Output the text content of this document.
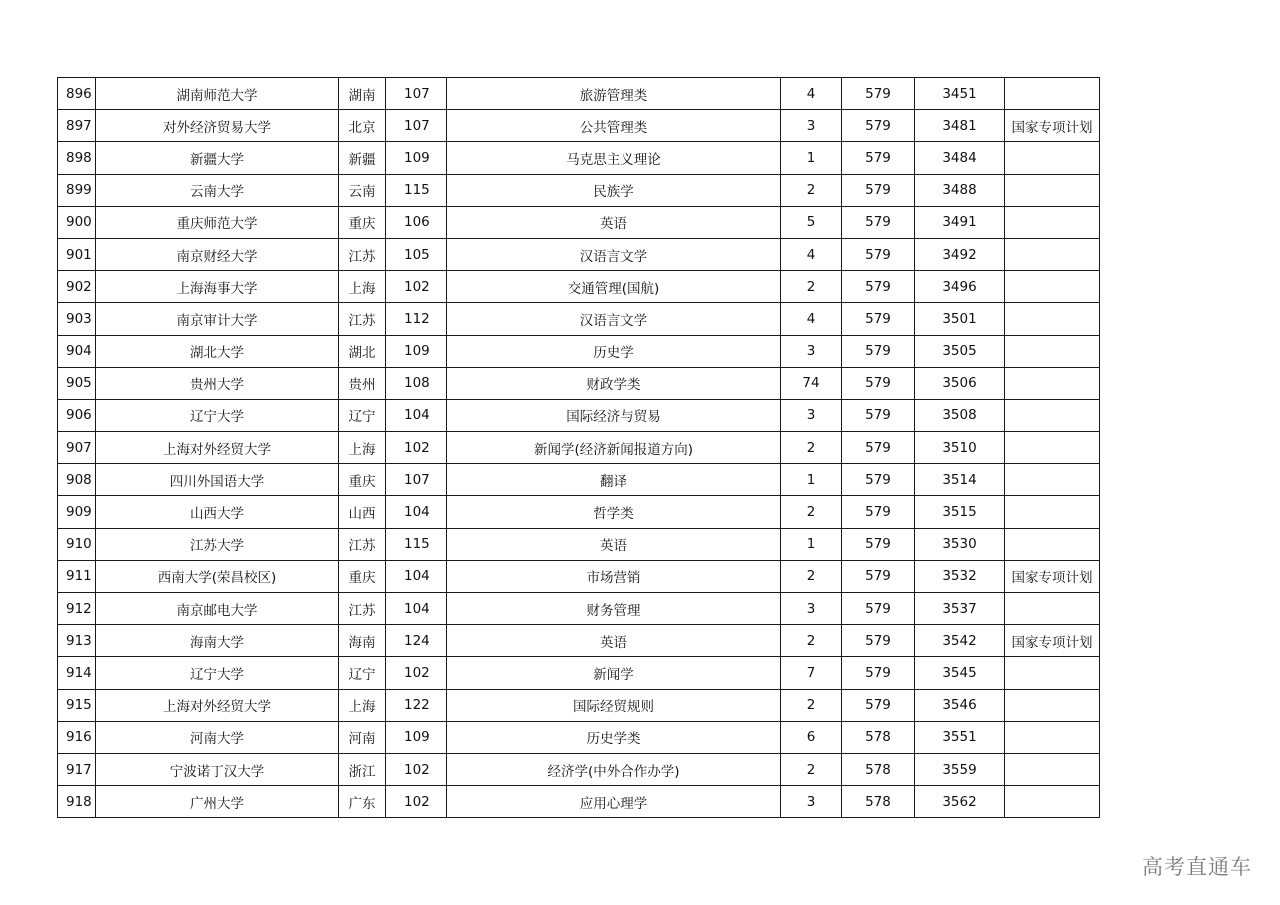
896	湖南师范大学	湖南	107	旅游管理类	4	579	3451	
897	对外经济贸易大学	北京	107	公共管理类	3	579	3481	国家专项计划
898	新疆大学	新疆	109	马克思主义理论	1	579	3484	
899	云南大学	云南	115	民族学	2	579	3488	
900	重庆师范大学	重庆	106	英语	5	579	3491	
901	南京财经大学	江苏	105	汉语言文学	4	579	3492	
902	上海海事大学	上海	102	交通管理(国航)	2	579	3496	
903	南京审计大学	江苏	112	汉语言文学	4	579	3501	
904	湖北大学	湖北	109	历史学	3	579	3505	
905	贵州大学	贵州	108	财政学类	74	579	3506	
906	辽宁大学	辽宁	104	国际经济与贸易	3	579	3508	
907	上海对外经贸大学	上海	102	新闻学(经济新闻报道方向)	2	579	3510	
908	四川外国语大学	重庆	107	翻译	1	579	3514	
909	山西大学	山西	104	哲学类	2	579	3515	
910	江苏大学	江苏	115	英语	1	579	3530	
911	西南大学(荣昌校区)	重庆	104	市场营销	2	579	3532	国家专项计划
912	南京邮电大学	江苏	104	财务管理	3	579	3537	
913	海南大学	海南	124	英语	2	579	3542	国家专项计划
914	辽宁大学	辽宁	102	新闻学	7	579	3545	
915	上海对外经贸大学	上海	122	国际经贸规则	2	579	3546	
916	河南大学	河南	109	历史学类	6	578	3551	
917	宁波诺丁汉大学	浙江	102	经济学(中外合作办学)	2	578	3559	
918	广州大学	广东	102	应用心理学	3	578	3562	
高考直通车
